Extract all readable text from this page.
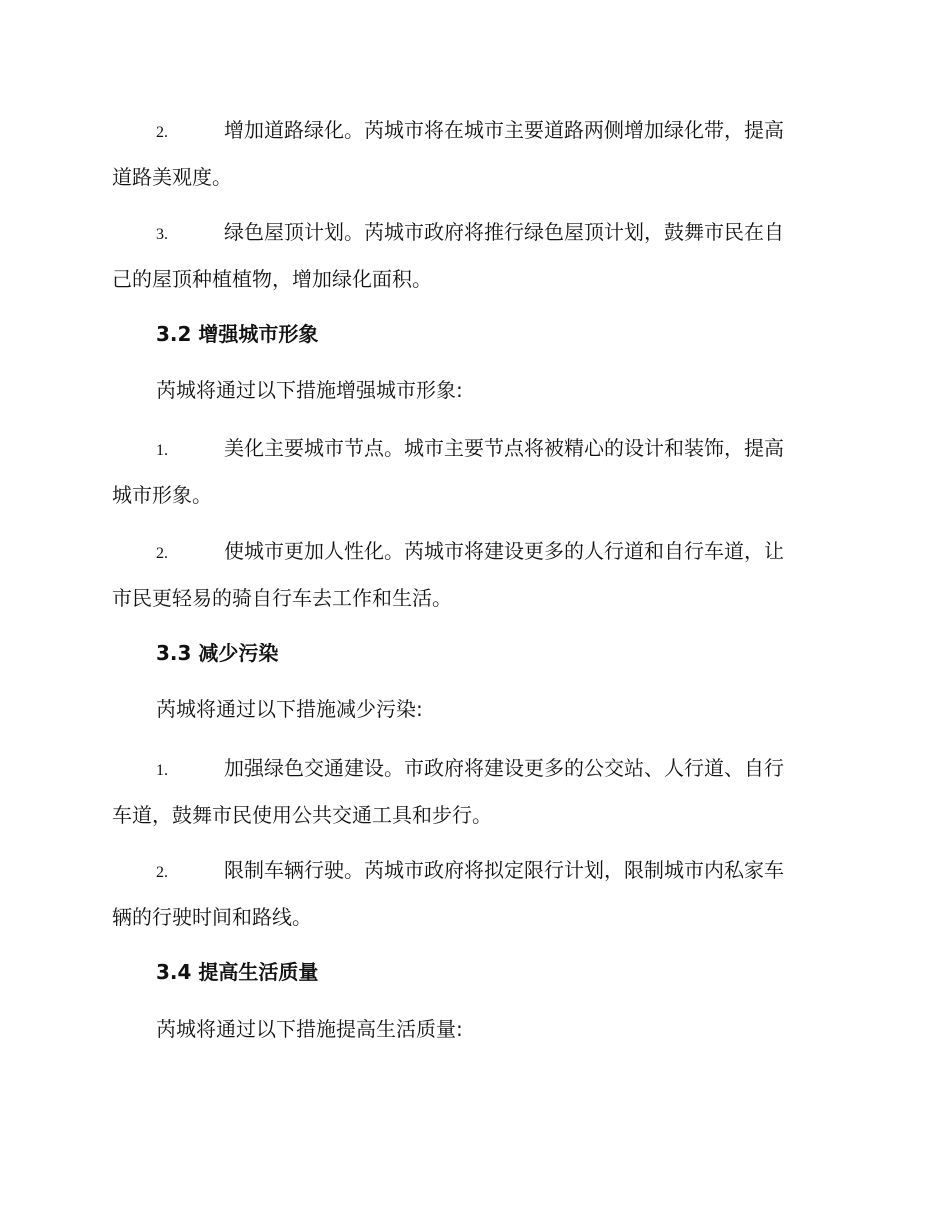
2.	增加道路绿化。芮城市将在城市主要道路两侧增加绿化带，提高
道路美观度。
3.	绿色屋顶计划。芮城市政府将推行绿色屋顶计划，鼓舞市民在自
己的屋顶种植植物，增加绿化面积。
3.2 增强城市形象
芮城将通过以下措施增强城市形象:
1.	美化主要城市节点。城市主要节点将被精心的设计和装饰，提高
城市形象。
2.	使城市更加人性化。芮城市将建设更多的人行道和自行车道，让
市民更轻易的骑自行车去工作和生活。
3.3 减少污染
芮城将通过以下措施减少污染:
1.	加强绿色交通建设。市政府将建设更多的公交站、人行道、自行
车道，鼓舞市民使用公共交通工具和步行。
2.	限制车辆行驶。芮城市政府将拟定限行计划，限制城市内私家车
辆的行驶时间和路线。
3.4 提高生活质量
芮城将通过以下措施提高生活质量:
